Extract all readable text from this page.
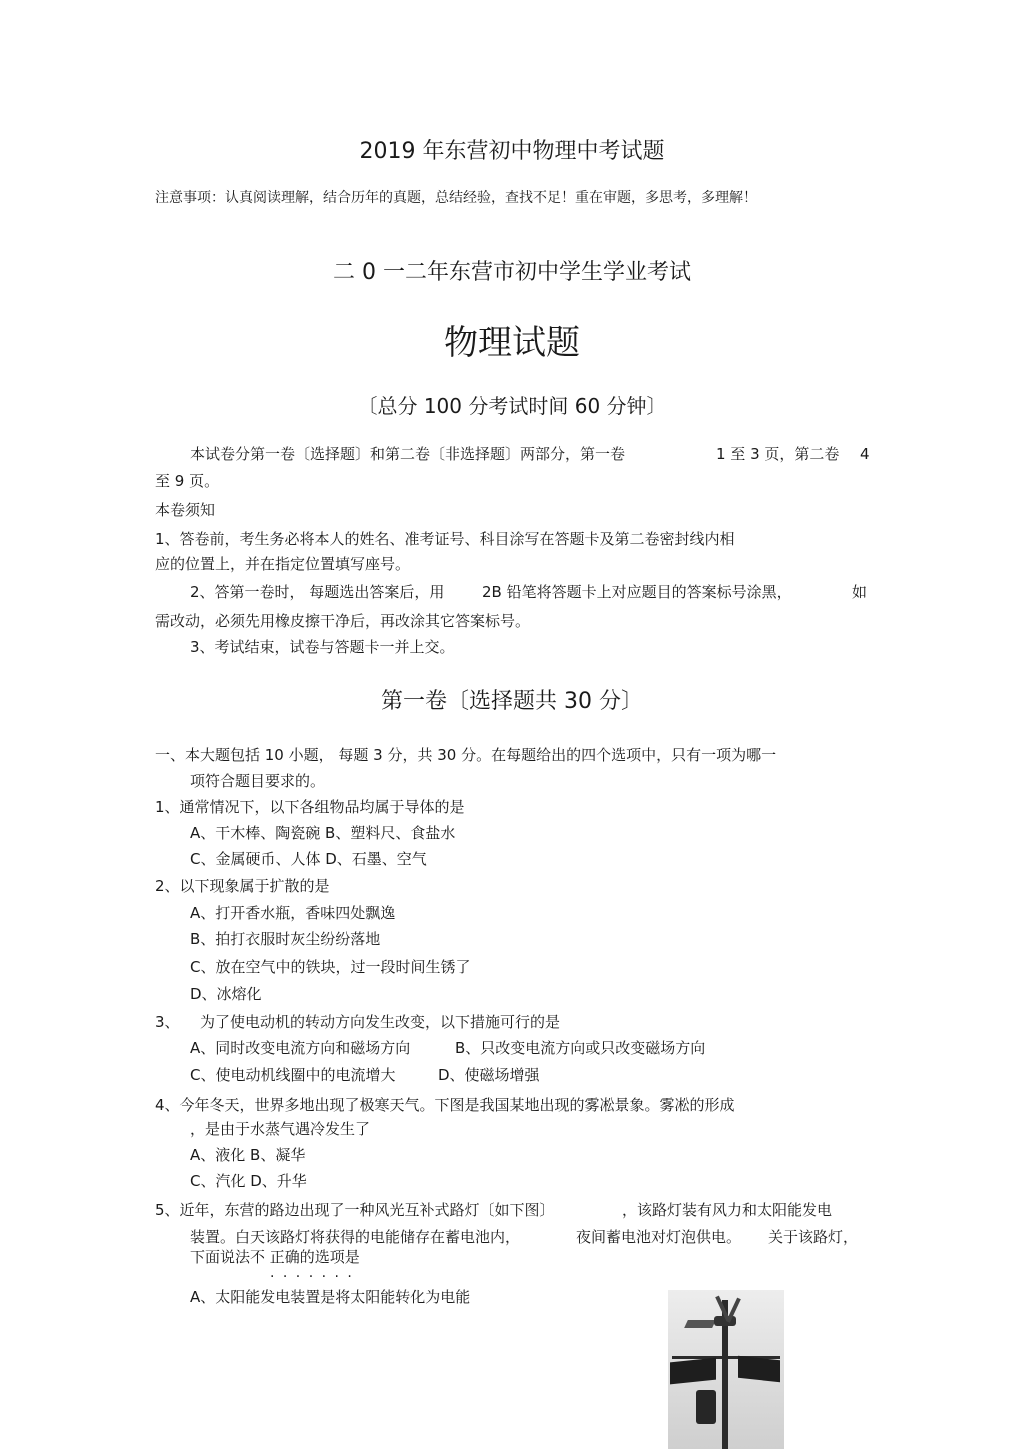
2019 年东营初中物理中考试题
注意事项：认真阅读理解，结合历年的真题，总结经验，查找不足！重在审题，多思考，多理解！
二 0 一二年东营市初中学生学业考试
物理试题
〔总分 100 分考试时间 60 分钟〕
本试卷分第一卷〔选择题〕和第二卷〔非选择题〕两部分，第一卷	1 至 3 页，第二卷 4
至 9 页。
本卷须知
1、答卷前，考生务必将本人的姓名、准考证号、科目涂写在答题卡及第二卷密封线内相
应的位置上，并在指定位置填写座号。
2、答第一卷时， 每题选出答案后，用	2B 铅笔将答题卡上对应题目的答案标号涂黑，	如
需改动，必须先用橡皮擦干净后，再改涂其它答案标号。
3、考试结束，试卷与答题卡一并上交。
第一卷〔选择题共 30 分〕
一、本大题包括 10 小题， 每题 3 分，共 30 分。在每题给出的四个选项中，只有一项为哪一
项符合题目要求的。
1、通常情况下，以下各组物品均属于导体的是
A、干木棒、陶瓷碗 B、塑料尺、食盐水
C、金属硬币、人体 D、石墨、空气
2、以下现象属于扩散的是
A、打开香水瓶，香味四处飘逸
B、拍打衣服时灰尘纷纷落地
C、放在空气中的铁块，过一段时间生锈了
D、冰熔化
3、 为了使电动机的转动方向发生改变，以下措施可行的是
A、同时改变电流方向和磁场方向	B、只改变电流方向或只改变磁场方向
C、使电动机线圈中的电流增大	D、使磁场增强
4、今年冬天，世界多地出现了极寒天气。下图是我国某地出现的雾凇景象。雾凇的形成
，是由于水蒸气遇冷发生了
A、液化 B、凝华
C、汽化 D、升华
5、近年，东营的路边出现了一种风光互补式路灯〔如下图〕	，该路灯装有风力和太阳能发电
装置。白天该路灯将获得的电能储存在蓄电池内，	夜间蓄电池对灯泡供电。 关于该路灯，
下面说法不 正确的选项是
· · · · · · ·
A、太阳能发电装置是将太阳能转化为电能
